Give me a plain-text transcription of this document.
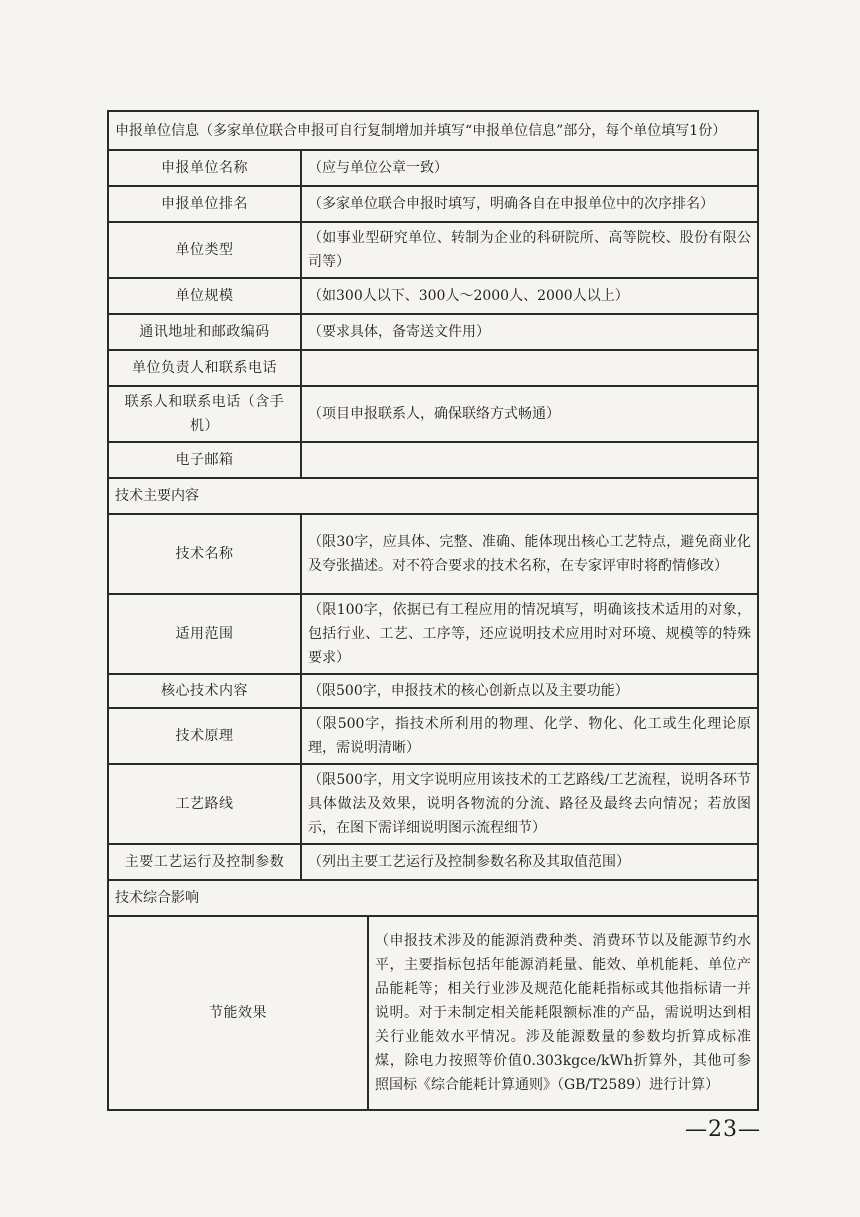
申报单位信息（多家单位联合申报可自行复制增加并填写“申报单位信息”部分，每个单位填写1份）		
申报单位名称	（应与单位公章一致）	
申报单位排名	（多家单位联合申报时填写，明确各自在申报单位中的次序排名）	
单位类型	（如事业型研究单位、转制为企业的科研院所、高等院校、股份有限公司等）	
单位规模	（如300人以下、300人～2000人、2000人以上）	
通讯地址和邮政编码	（要求具体，备寄送文件用）	
单位负责人和联系电话		
联系人和联系电话（含手机）	（项目申报联系人，确保联络方式畅通）	
电子邮箱		
技术主要内容		
技术名称	（限30字，应具体、完整、准确、能体现出核心工艺特点，避免商业化及夸张描述。对不符合要求的技术名称，在专家评审时将酌情修改）	
适用范围	（限100字，依据已有工程应用的情况填写，明确该技术适用的对象，包括行业、工艺、工序等，还应说明技术应用时对环境、规模等的特殊要求）	
核心技术内容	（限500字，申报技术的核心创新点以及主要功能）	
技术原理	（限500字，指技术所利用的物理、化学、物化、化工或生化理论原理，需说明清晰）	
工艺路线	（限500字，用文字说明应用该技术的工艺路线/工艺流程，说明各环节具体做法及效果，说明各物流的分流、路径及最终去向情况；若放图示，在图下需详细说明图示流程细节）	
主要工艺运行及控制参数	（列出主要工艺运行及控制参数名称及其取值范围）	
技术综合影响		
节能效果		（申报技术涉及的能源消费种类、消费环节以及能源节约水平，主要指标包括年能源消耗量、能效、单机能耗、单位产品能耗等；相关行业涉及规范化能耗指标或其他指标请一并说明。对于未制定相关能耗限额标准的产品，需说明达到相关行业能效水平情况。涉及能源数量的参数均折算成标准煤，除电力按照等价值0.303kgce/kWh折算外，其他可参照国标《综合能耗计算通则》（GB/T2589）进行计算）
—23—
